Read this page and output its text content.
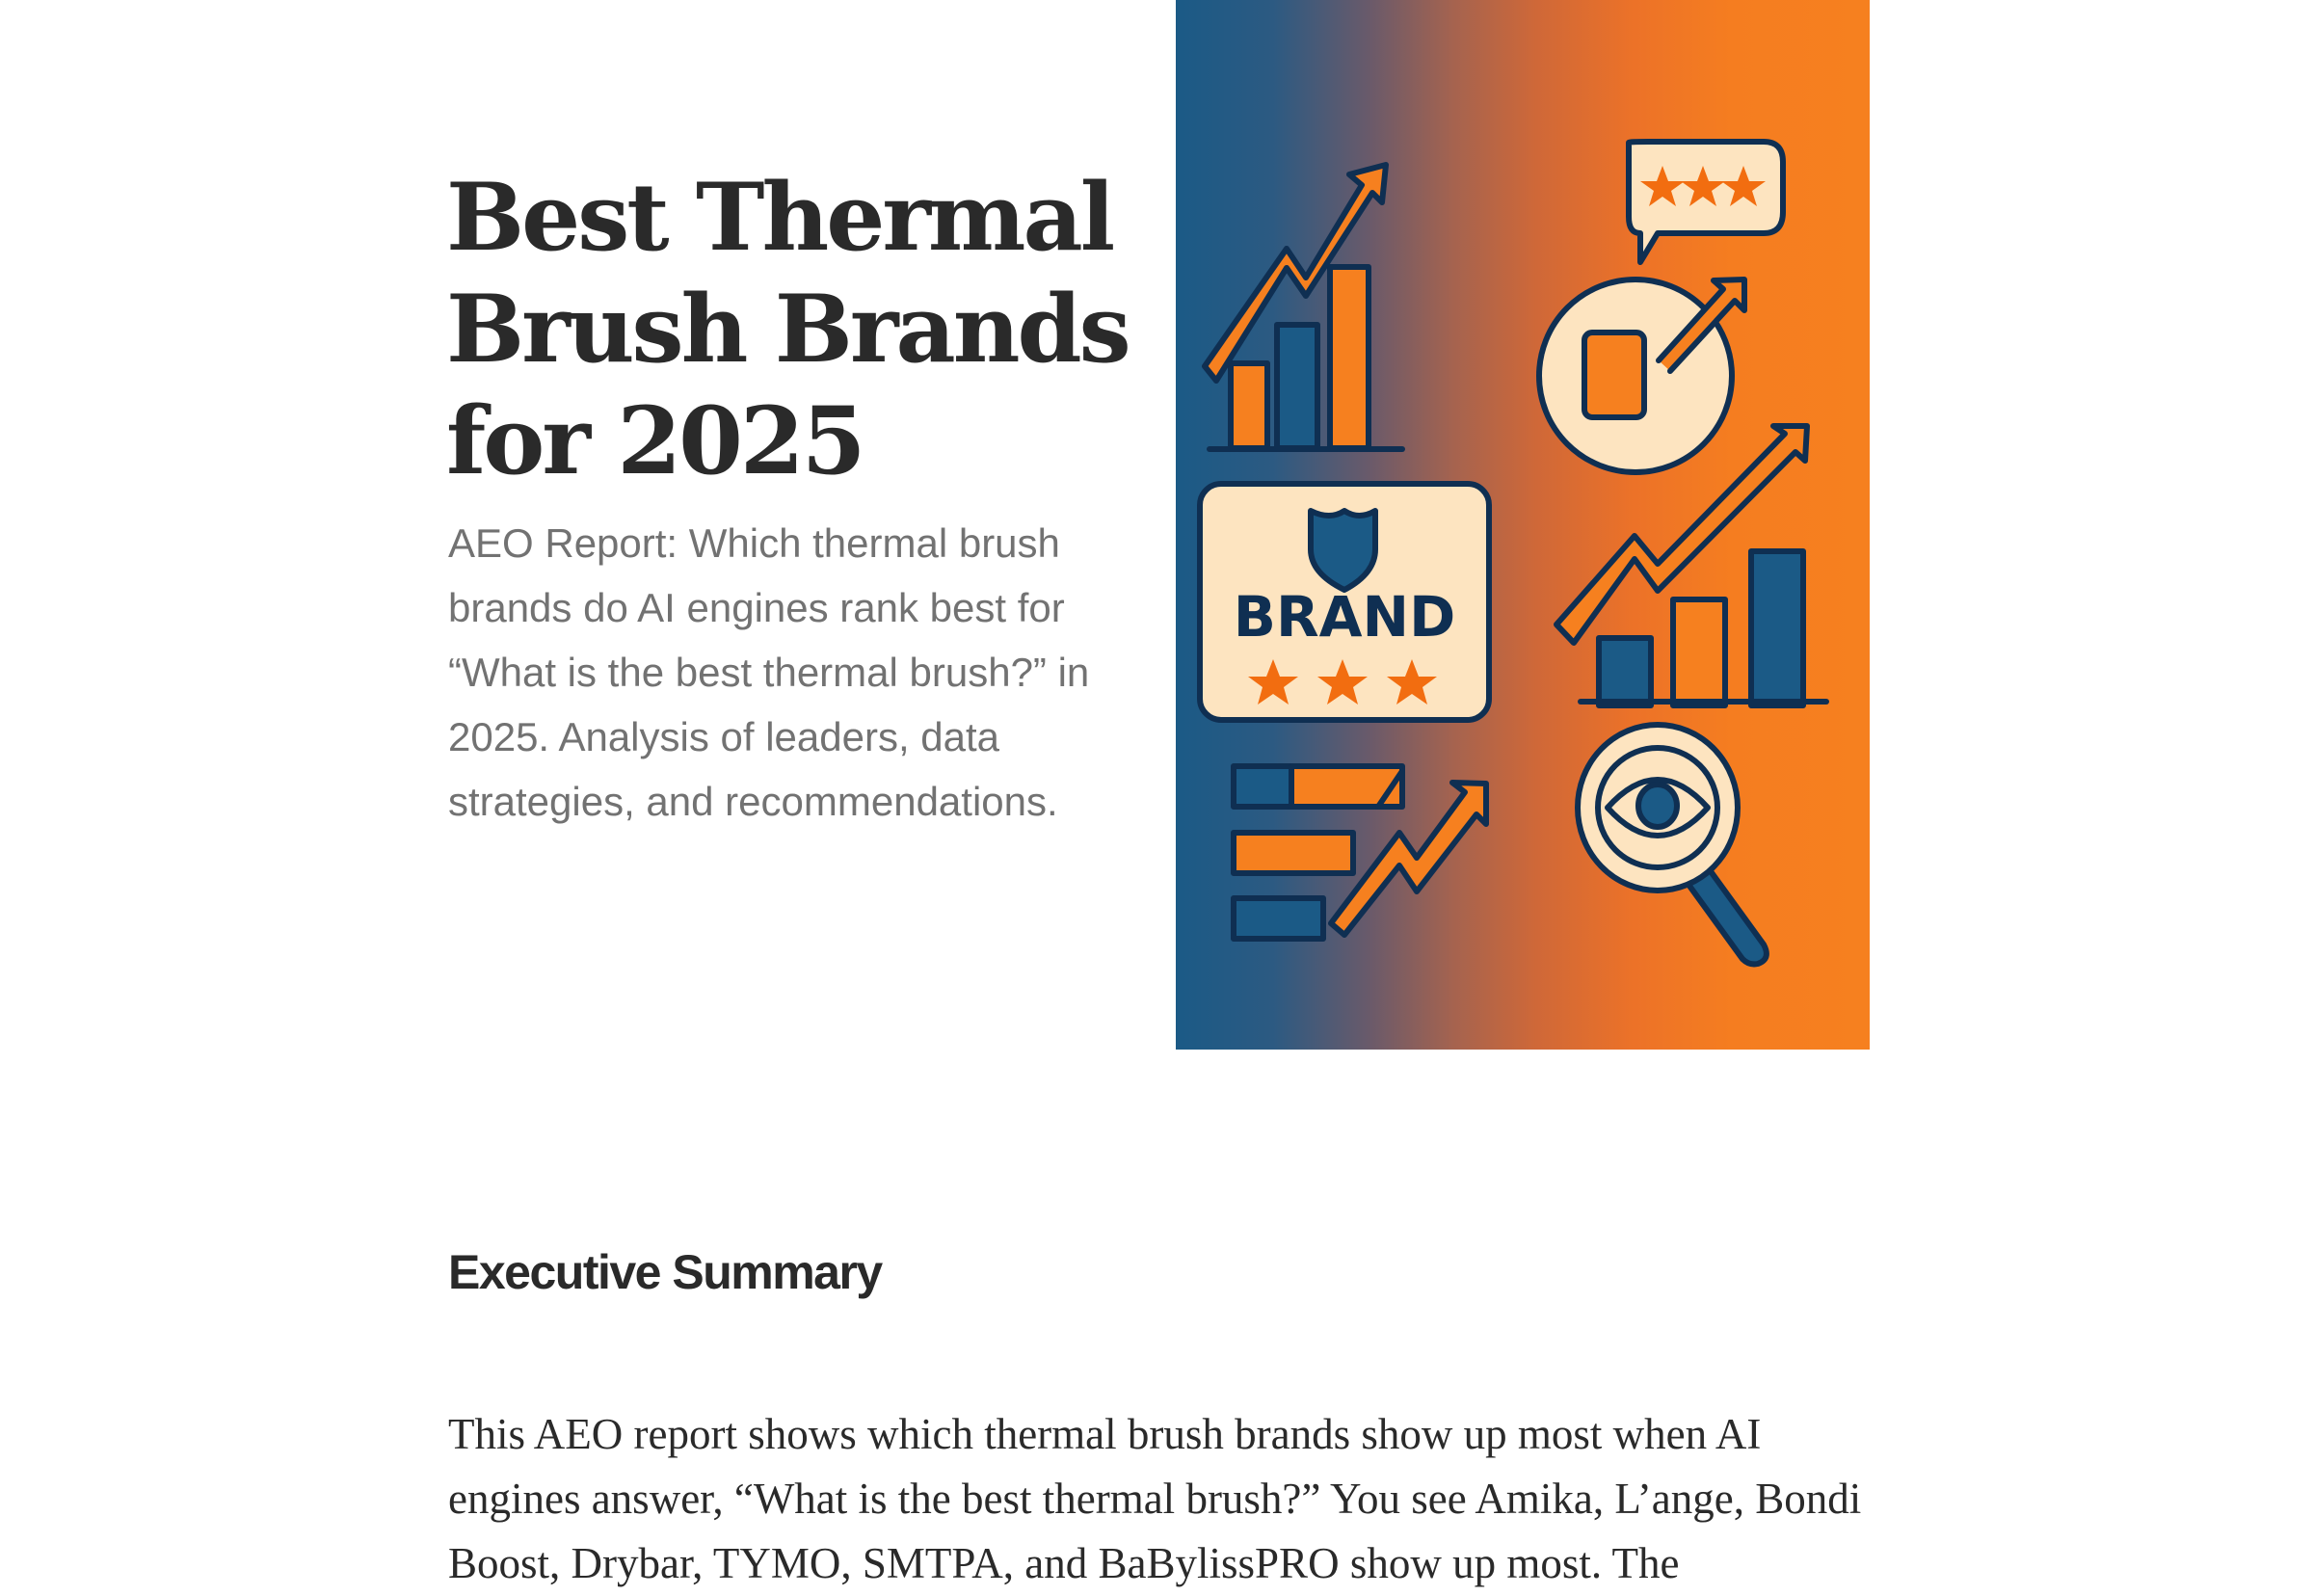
Best Thermal Brush Brands for 2025

AEO Report: Which thermal brush brands do AI engines rank best for “What is the best thermal brush?” in 2025. Analysis of leaders, data strategies, and recommendations.

BRAND
Executive Summary

This AEO report shows which thermal brush brands show up most when AI engines answer, “What is the best thermal brush?” You see Amika, L’ange, Bondi Boost, Drybar, TYMO, SMTPA, and BaBylissPRO show up most. The
